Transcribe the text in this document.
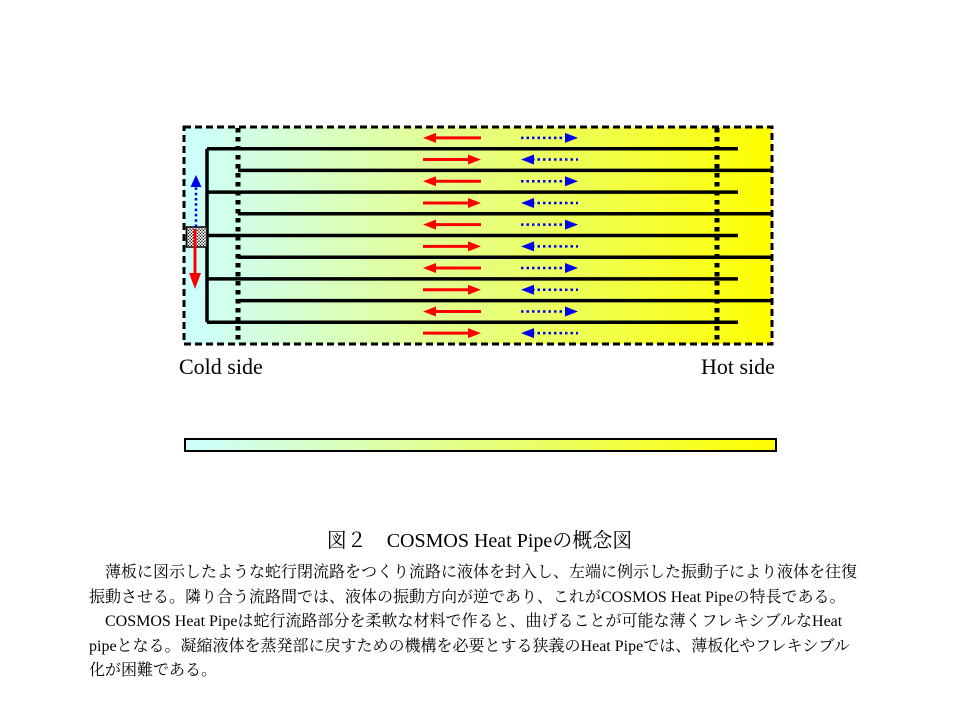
Cold side	Hot side
図２　COSMOS Heat Pipeの概念図
　薄板に図示したような蛇行閉流路をつくり流路に液体を封入し、左端に例示した振動子により液体を往復
振動させる。隣り合う流路間では、液体の振動方向が逆であり、これがCOSMOS Heat Pipeの特長である。
　COSMOS Heat Pipeは蛇行流路部分を柔軟な材料で作ると、曲げることが可能な薄くフレキシブルなHeat
pipeとなる。凝縮液体を蒸発部に戻すための機構を必要とする狭義のHeat Pipeでは、薄板化やフレキシブル
化が困難である。
